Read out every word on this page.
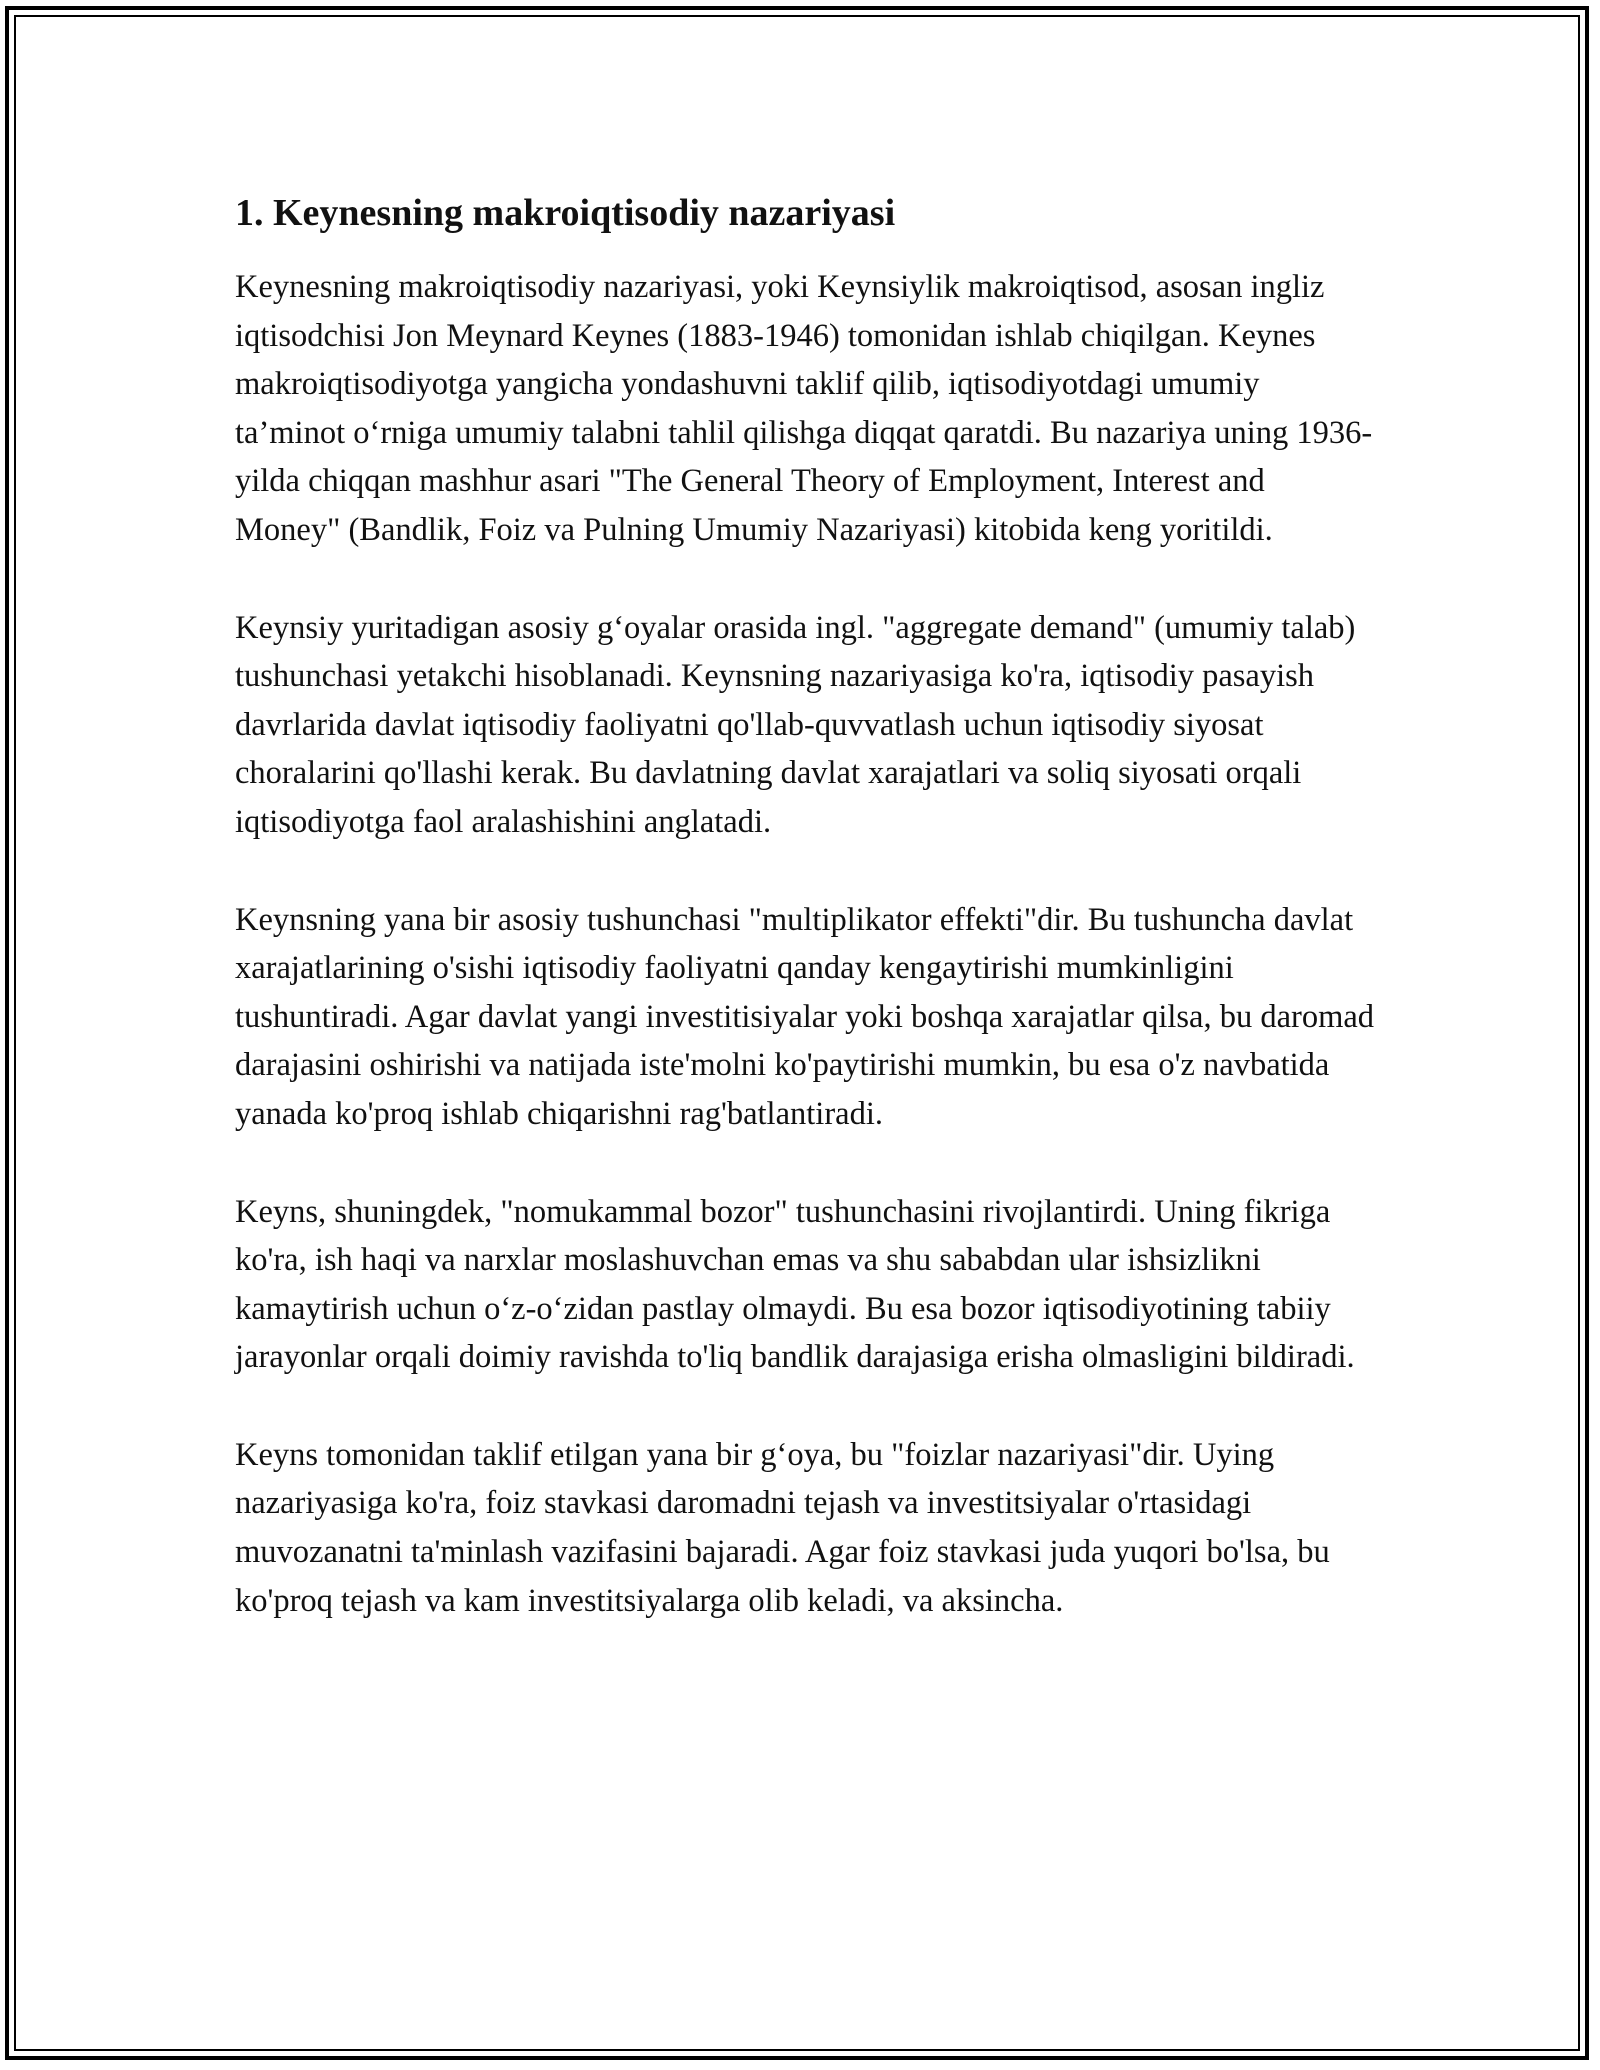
1. Keynesning makroiqtisodiy nazariyasi

Keynesning makroiqtisodiy nazariyasi, yoki Keynsiylik makroiqtisod, asosan ingliz iqtisodchisi Jon Meynard Keynes (1883-1946) tomonidan ishlab chiqilgan. Keynes makroiqtisodiyotga yangicha yondashuvni taklif qilib, iqtisodiyotdagi umumiy ta’minot o‘rniga umumiy talabni tahlil qilishga diqqat qaratdi. Bu nazariya uning 1936-yilda chiqqan mashhur asari "The General Theory of Employment, Interest and Money" (Bandlik, Foiz va Pulning Umumiy Nazariyasi) kitobida keng yoritildi.

Keynsiy yuritadigan asosiy g‘oyalar orasida ingl. "aggregate demand" (umumiy talab) tushunchasi yetakchi hisoblanadi. Keynsning nazariyasiga ko'ra, iqtisodiy pasayish davrlarida davlat iqtisodiy faoliyatni qo'llab-quvvatlash uchun iqtisodiy siyosat choralarini qo'llashi kerak. Bu davlatning davlat xarajatlari va soliq siyosati orqali iqtisodiyotga faol aralashishini anglatadi.

Keynsning yana bir asosiy tushunchasi "multiplikator effekti"dir. Bu tushuncha davlat xarajatlarining o'sishi iqtisodiy faoliyatni qanday kengaytirishi mumkinligini tushuntiradi. Agar davlat yangi investitisiyalar yoki boshqa xarajatlar qilsa, bu daromad darajasini oshirishi va natijada iste'molni ko'paytirishi mumkin, bu esa o'z navbatida yanada ko'proq ishlab chiqarishni rag'batlantiradi.

Keyns, shuningdek, "nomukammal bozor" tushunchasini rivojlantirdi. Uning fikriga ko'ra, ish haqi va narxlar moslashuvchan emas va shu sababdan ular ishsizlikni kamaytirish uchun o‘z-o‘zidan pastlay olmaydi. Bu esa bozor iqtisodiyotining tabiiy jarayonlar orqali doimiy ravishda to'liq bandlik darajasiga erisha olmasligini bildiradi.

Keyns tomonidan taklif etilgan yana bir g‘oya, bu "foizlar nazariyasi"dir. Uying nazariyasiga ko'ra, foiz stavkasi daromadni tejash va investitsiyalar o'rtasidagi muvozanatni ta'minlash vazifasini bajaradi. Agar foiz stavkasi juda yuqori bo'lsa, bu ko'proq tejash va kam investitsiyalarga olib keladi, va aksincha.
